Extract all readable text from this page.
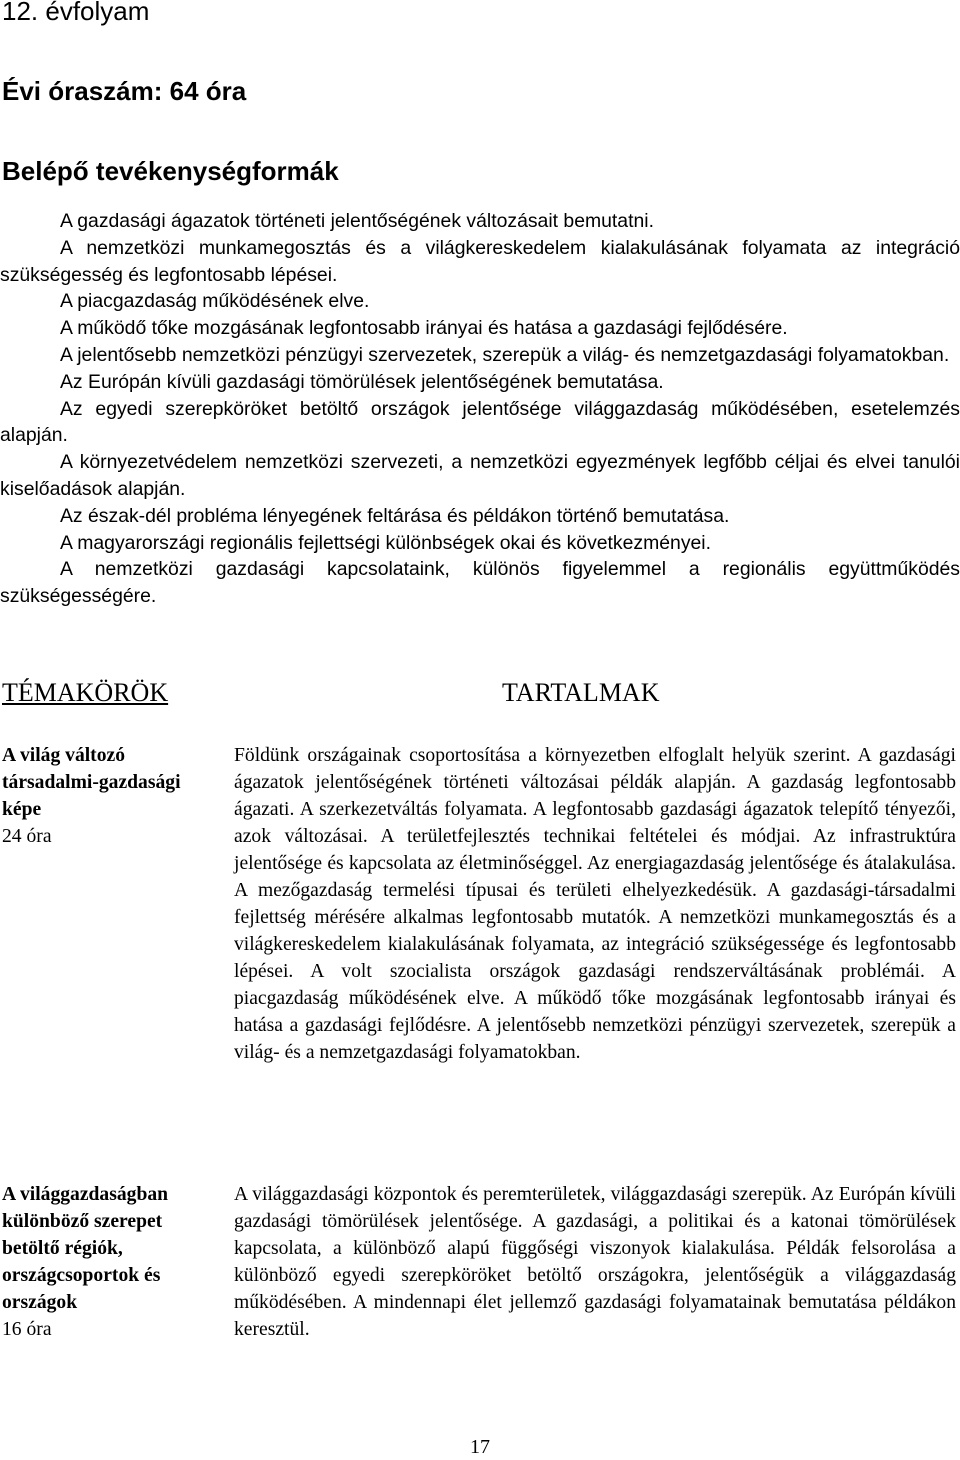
12. évfolyam
Évi óraszám: 64 óra
Belépő tevékenységformák

A gazdasági ágazatok történeti jelentőségének változásait bemutatni.

A nemzetközi munkamegosztás és a világkereskedelem kialakulásának folyamata az integráció szükségesség és legfontosabb lépései.

A piacgazdaság működésének elve.

A működő tőke mozgásának legfontosabb irányai és hatása a gazdasági fejlődésére.

A jelentősebb nemzetközi pénzügyi szervezetek, szerepük a világ- és nemzetgazdasági folyamatokban.

Az Európán kívüli gazdasági tömörülések jelentőségének bemutatása.

Az egyedi szerepköröket betöltő országok jelentősége világgazdaság működésében, esetelemzés alapján.

A környezetvédelem nemzetközi szervezeti, a nemzetközi egyezmények legfőbb céljai és elvei tanulói kiselőadások alapján.

Az észak-dél probléma lényegének feltárása és példákon történő bemutatása.

A magyarországi regionális fejlettségi különbségek okai és következményei.

A nemzetközi gazdasági kapcsolataink, különös figyelemmel a regionális együttműködés szükségességére.

TÉMAKÖRÖK	TARTALMAK
A világ változó társadalmi-gazdasági képe
24 óra

Földünk országainak csoportosítása a környezetben elfoglalt helyük szerint. A gazdasági ágazatok jelentőségének történeti változásai példák alapján. A gazdaság legfontosabb ágazati. A szerkezetváltás folyamata. A legfontosabb gazdasági ágazatok telepítő tényezői, azok változásai. A területfejlesztés technikai feltételei és módjai. Az infrastruktúra jelentősége és kapcsolata az életminőséggel. Az energiagazdaság jelentősége és átalakulása. A mezőgazdaság termelési típusai és területi elhelyezkedésük. A gazdasági-társadalmi fejlettség mérésére alkalmas legfontosabb mutatók. A nemzetközi munkamegosztás és a világkereskedelem kialakulásának folyamata, az integráció szükségessége és legfontosabb lépései. A volt szocialista országok gazdasági rendszerváltásának problémái. A piacgazdaság működésének elve. A működő tőke mozgásának legfontosabb irányai és hatása a gazdasági fejlődésre. A jelentősebb nemzetközi pénzügyi szervezetek, szerepük a világ- és a nemzetgazdasági folyamatokban.

A világgazdaságban különböző szerepet betöltő régiók, országcsoportok és országok
16 óra

A világgazdasági központok és peremterületek, világgazdasági szerepük. Az Európán kívüli gazdasági tömörülések jelentősége. A gazdasági, a politikai és a katonai tömörülések kapcsolata, a különböző alapú függőségi viszonyok kialakulása. Példák felsorolása a különböző egyedi szerepköröket betöltő országokra, jelentőségük a világgazdaság működésében. A mindennapi élet jellemző gazdasági folyamatainak bemutatása példákon keresztül.

17
